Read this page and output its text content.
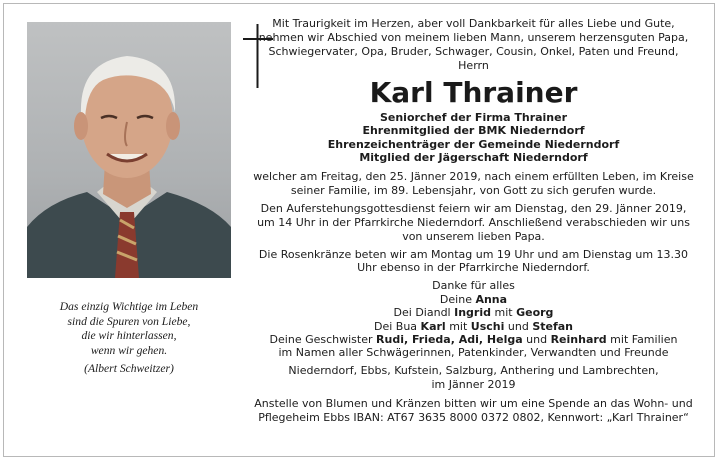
Das einzig Wichtige im Leben
sind die Spuren von Liebe,
die wir hinterlassen,
wenn wir gehen.
(Albert Schweitzer)
Mit Traurigkeit im Herzen, aber voll Dankbarkeit für alles Liebe und Gute, nehmen wir Abschied von meinem lieben Mann, unserem herzensguten Papa, Schwiegervater, Opa, Bruder, Schwager, Cousin, Onkel, Paten und Freund, Herrn
Karl Thrainer
Seniorchef der Firma Thrainer
Ehrenmitglied der BMK Niederndorf
Ehrenzeichenträger der Gemeinde Niederndorf
Mitglied der Jägerschaft Niederndorf
welcher am Freitag, den 25. Jänner 2019, nach einem erfüllten Leben, im Kreise seiner Familie, im 89. Lebensjahr, von Gott zu sich gerufen wurde.
Den Auferstehungsgottesdienst feiern wir am Dienstag, den 29. Jänner 2019, um 14 Uhr in der Pfarrkirche Niederndorf. Anschließend verabschieden wir uns von unserem lieben Papa.
Die Rosenkränze beten wir am Montag um 19 Uhr und am Dienstag um 13.30 Uhr ebenso in der Pfarrkirche Niederndorf.
Danke für alles
Deine Anna
Dei Diandl Ingrid mit Georg
Dei Bua Karl mit Uschi und Stefan
Deine Geschwister Rudi, Frieda, Adi, Helga und Reinhard mit Familien
im Namen aller Schwägerinnen, Patenkinder, Verwandten und Freunde
Niederndorf, Ebbs, Kufstein, Salzburg, Anthering und Lambrechten,
im Jänner 2019
Anstelle von Blumen und Kränzen bitten wir um eine Spende an das Wohn- und Pflegeheim Ebbs IBAN: AT67 3635 8000 0372 0802, Kennwort: „Karl Thrainer“
